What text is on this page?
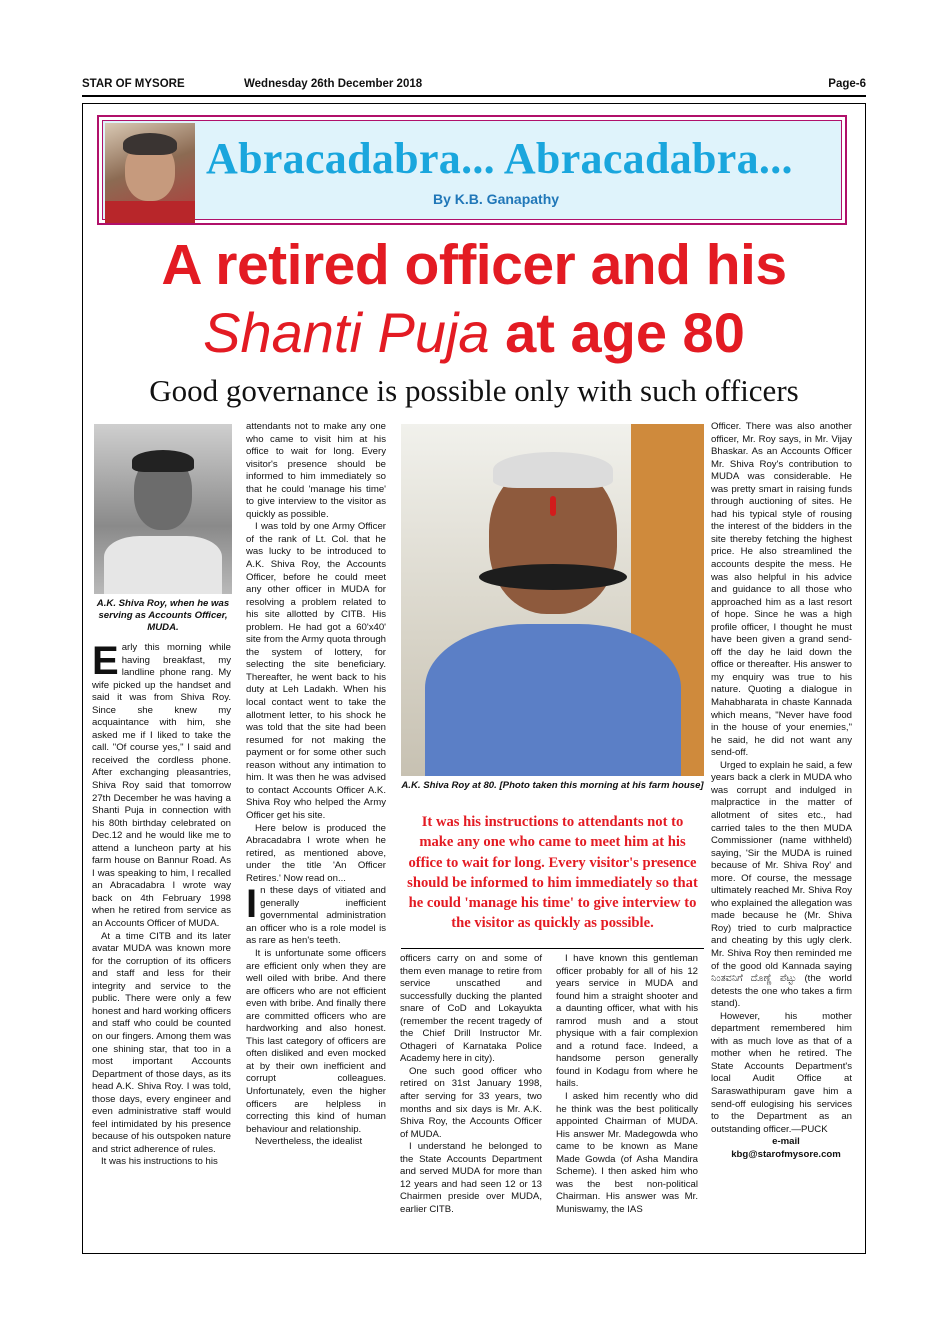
STAR OF MYSORE	Wednesday 26th December 2018	Page-6
Abracadabra... Abracadabra...
By K.B. Ganapathy
A retired officer and his
Shanti Puja at age 80
Good governance is possible only with such officers
A.K. Shiva Roy, when he was serving as Accounts Officer, MUDA.

Early this morning while having breakfast, my landline phone rang. My wife picked up the handset and said it was from Shiva Roy. Since she knew my acquaintance with him, she asked me if I liked to take the call. "Of course yes," I said and received the cordless phone. After exchanging pleasantries, Shiva Roy said that tomorrow 27th December he was having a Shanti Puja in connection with his 80th birthday celebrated on Dec.12 and he would like me to attend a luncheon party at his farm house on Bannur Road. As I was speaking to him, I recalled an Abracadabra I wrote way back on 4th February 1998 when he retired from service as an Accounts Officer of MUDA.

At a time CITB and its later avatar MUDA was known more for the corruption of its officers and staff and less for their integrity and service to the public. There were only a few honest and hard working officers and staff who could be counted on our fingers. Among them was one shining star, that too in a most important Accounts Department of those days, as its head A.K. Shiva Roy. I was told, those days, every engineer and even administrative staff would feel intimidated by his presence because of his outspoken nature and strict adherence of rules.

It was his instructions to his

attendants not to make any one who came to visit him at his office to wait for long. Every visitor's presence should be informed to him immediately so that he could 'manage his time' to give interview to the visitor as quickly as possible.

I was told by one Army Officer of the rank of Lt. Col. that he was lucky to be introduced to A.K. Shiva Roy, the Accounts Officer, before he could meet any other officer in MUDA for resolving a problem related to his site allotted by CITB. His problem. He had got a 60'x40' site from the Army quota through the system of lottery, for selecting the site beneficiary. Thereafter, he went back to his duty at Leh Ladakh. When his local contact went to take the allotment letter, to his shock he was told that the site had been resumed for not making the payment or for some other such reason without any intimation to him. It was then he was advised to contact Accounts Officer A.K. Shiva Roy who helped the Army Officer get his site.

Here below is produced the Abracadabra I wrote when he retired, as mentioned above, under the title 'An Officer Retires.' Now read on...

In these days of vitiated and generally inefficient governmental administration an officer who is a role model is as rare as hen's teeth.

It is unfortunate some officers are efficient only when they are well oiled with bribe. And there are officers who are not efficient even with bribe. And finally there are committed officers who are hardworking and also honest. This last category of officers are often disliked and even mocked at by their own inefficient and corrupt colleagues. Unfortunately, even the higher officers are helpless in correcting this kind of human behaviour and relationship.

Nevertheless, the idealist

A.K. Shiva Roy at 80. [Photo taken this morning at his farm house]
It was his instructions to attendants not to make any one who came to meet him at his office to wait for long. Every visitor's presence should be informed to him immediately so that he could 'manage his time' to give interview to the visitor as quickly as possible.

officers carry on and some of them even manage to retire from service unscathed and successfully ducking the planted snare of CoD and Lokayukta (remember the recent tragedy of the Chief Drill Instructor Mr. Othageri of Karnataka Police Academy here in city).

One such good officer who retired on 31st January 1998, after serving for 33 years, two months and six days is Mr. A.K. Shiva Roy, the Accounts Officer of MUDA.

I understand he belonged to the State Accounts Department and served MUDA for more than 12 years and had seen 12 or 13 Chairmen preside over MUDA, earlier CITB.

I have known this gentleman officer probably for all of his 12 years service in MUDA and found him a straight shooter and a daunting officer, what with his ramrod mush and a stout physique with a fair complexion and a rotund face. Indeed, a handsome person generally found in Kodagu from where he hails.

I asked him recently who did he think was the best politically appointed Chairman of MUDA. His answer Mr. Madegowda who came to be known as Mane Made Gowda (of Asha Mandira Scheme). I then asked him who was the best non-political Chairman. His answer was Mr. Muniswamy, the IAS

Officer. There was also another officer, Mr. Roy says, in Mr. Vijay Bhaskar. As an Accounts Officer Mr. Shiva Roy's contribution to MUDA was considerable. He was pretty smart in raising funds through auctioning of sites. He had his typical style of rousing the interest of the bidders in the site thereby fetching the highest price. He also streamlined the accounts despite the mess. He was also helpful in his advice and guidance to all those who approached him as a last resort of hope. Since he was a high profile officer, I thought he must have been given a grand send-off the day he laid down the office or thereafter. His answer to my enquiry was true to his nature. Quoting a dialogue in Mahabharata in chaste Kannada which means, "Never have food in the house of your enemies," he said, he did not want any send-off.

Urged to explain he said, a few years back a clerk in MUDA who was corrupt and indulged in malpractice in the matter of allotment of sites etc., had carried tales to the then MUDA Commissioner (name withheld) saying, 'Sir the MUDA is ruined because of Mr. Shiva Roy' and more. Of course, the message ultimately reached Mr. Shiva Roy who explained the allegation was made because he (Mr. Shiva Roy) tried to curb malpractice and cheating by this ugly clerk. Mr. Shiva Roy then reminded me of the good old Kannada saying ನಿಂತವನಿಗೆ ದೊಣ್ಣೆ ಪೆಟ್ಟು (the world detests the one who takes a firm stand).

However, his mother department remembered him with as much love as that of a mother when he retired. The State Accounts Department's local Audit Office at Saraswathipuram gave him a send-off eulogising his services to the Department as an outstanding officer.—PUCK

e-mail

kbg@starofmysore.com
